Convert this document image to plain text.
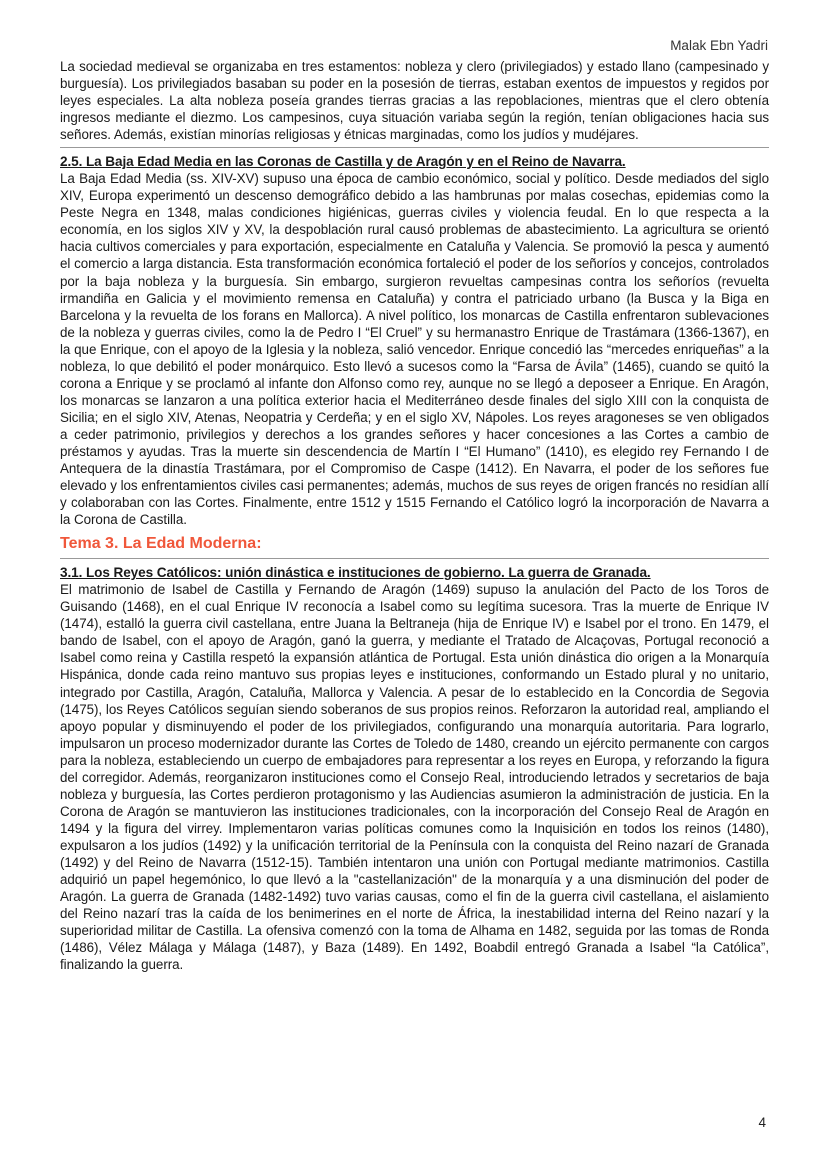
Malak Ebn Yadri

La sociedad medieval se organizaba en tres estamentos: nobleza y clero (privilegiados) y estado llano (campesinado y burguesía). Los privilegiados basaban su poder en la posesión de tierras, estaban exentos de impuestos y regidos por leyes especiales. La alta nobleza poseía grandes tierras gracias a las repoblaciones, mientras que el clero obtenía ingresos mediante el diezmo. Los campesinos, cuya situación variaba según la región, tenían obligaciones hacia sus señores. Además, existían minorías religiosas y étnicas marginadas, como los judíos y mudéjares.

2.5. La Baja Edad Media en las Coronas de Castilla y de Aragón y en el Reino de Navarra.

La Baja Edad Media (ss. XIV-XV) supuso una época de cambio económico, social y político. Desde mediados del siglo XIV, Europa experimentó un descenso demográfico debido a las hambrunas por malas cosechas, epidemias como la Peste Negra en 1348, malas condiciones higiénicas, guerras civiles y violencia feudal. En lo que respecta a la economía, en los siglos XIV y XV, la despoblación rural causó problemas de abastecimiento. La agricultura se orientó hacia cultivos comerciales y para exportación, especialmente en Cataluña y Valencia. Se promovió la pesca y aumentó el comercio a larga distancia. Esta transformación económica fortaleció el poder de los señoríos y concejos, controlados por la baja nobleza y la burguesía. Sin embargo, surgieron revueltas campesinas contra los señoríos (revuelta irmandiña en Galicia y el movimiento remensa en Cataluña) y contra el patriciado urbano (la Busca y la Biga en Barcelona y la revuelta de los forans en Mallorca). A nivel político, los monarcas de Castilla enfrentaron sublevaciones de la nobleza y guerras civiles, como la de Pedro I “El Cruel” y su hermanastro Enrique de Trastámara (1366-1367), en la que Enrique, con el apoyo de la Iglesia y la nobleza, salió vencedor. Enrique concedió las “mercedes enriqueñas” a la nobleza, lo que debilitó el poder monárquico. Esto llevó a sucesos como la “Farsa de Ávila” (1465), cuando se quitó la corona a Enrique y se proclamó al infante don Alfonso como rey, aunque no se llegó a deposeer a Enrique. En Aragón, los monarcas se lanzaron a una política exterior hacia el Mediterráneo desde finales del siglo XIII con la conquista de Sicilia; en el siglo XIV, Atenas, Neopatria y Cerdeña; y en el siglo XV, Nápoles. Los reyes aragoneses se ven obligados a ceder patrimonio, privilegios y derechos a los grandes señores y hacer concesiones a las Cortes a cambio de préstamos y ayudas. Tras la muerte sin descendencia de Martín I “El Humano” (1410), es elegido rey Fernando I de Antequera de la dinastía Trastámara, por el Compromiso de Caspe (1412). En Navarra, el poder de los señores fue elevado y los enfrentamientos civiles casi permanentes; además, muchos de sus reyes de origen francés no residían allí y colaboraban con las Cortes. Finalmente, entre 1512 y 1515 Fernando el Católico logró la incorporación de Navarra a la Corona de Castilla.

Tema 3. La Edad Moderna:
3.1. Los Reyes Católicos: unión dinástica e instituciones de gobierno. La guerra de Granada.

El matrimonio de Isabel de Castilla y Fernando de Aragón (1469) supuso la anulación del Pacto de los Toros de Guisando (1468), en el cual Enrique IV reconocía a Isabel como su legítima sucesora. Tras la muerte de Enrique IV (1474), estalló la guerra civil castellana, entre Juana la Beltraneja (hija de Enrique IV) e Isabel por el trono. En 1479, el bando de Isabel, con el apoyo de Aragón, ganó la guerra, y mediante el Tratado de Alcaçovas, Portugal reconoció a Isabel como reina y Castilla respetó la expansión atlántica de Portugal. Esta unión dinástica dio origen a la Monarquía Hispánica, donde cada reino mantuvo sus propias leyes e instituciones, conformando un Estado plural y no unitario, integrado por Castilla, Aragón, Cataluña, Mallorca y Valencia. A pesar de lo establecido en la Concordia de Segovia (1475), los Reyes Católicos seguían siendo soberanos de sus propios reinos. Reforzaron la autoridad real, ampliando el apoyo popular y disminuyendo el poder de los privilegiados, configurando una monarquía autoritaria. Para lograrlo, impulsaron un proceso modernizador durante las Cortes de Toledo de 1480, creando un ejército permanente con cargos para la nobleza, estableciendo un cuerpo de embajadores para representar a los reyes en Europa, y reforzando la figura del corregidor. Además, reorganizaron instituciones como el Consejo Real, introduciendo letrados y secretarios de baja nobleza y burguesía, las Cortes perdieron protagonismo y las Audiencias asumieron la administración de justicia. En la Corona de Aragón se mantuvieron las instituciones tradicionales, con la incorporación del Consejo Real de Aragón en 1494 y la figura del virrey. Implementaron varias políticas comunes como la Inquisición en todos los reinos (1480), expulsaron a los judíos (1492) y la unificación territorial de la Península con la conquista del Reino nazarí de Granada (1492) y del Reino de Navarra (1512-15). También intentaron una unión con Portugal mediante matrimonios. Castilla adquirió un papel hegemónico, lo que llevó a la "castellanización" de la monarquía y a una disminución del poder de Aragón. La guerra de Granada (1482-1492) tuvo varias causas, como el fin de la guerra civil castellana, el aislamiento del Reino nazarí tras la caída de los benimerines en el norte de África, la inestabilidad interna del Reino nazarí y la superioridad militar de Castilla. La ofensiva comenzó con la toma de Alhama en 1482, seguida por las tomas de Ronda (1486), Vélez Málaga y Málaga (1487), y Baza (1489). En 1492, Boabdil entregó Granada a Isabel “la Católica”, finalizando la guerra.

4
